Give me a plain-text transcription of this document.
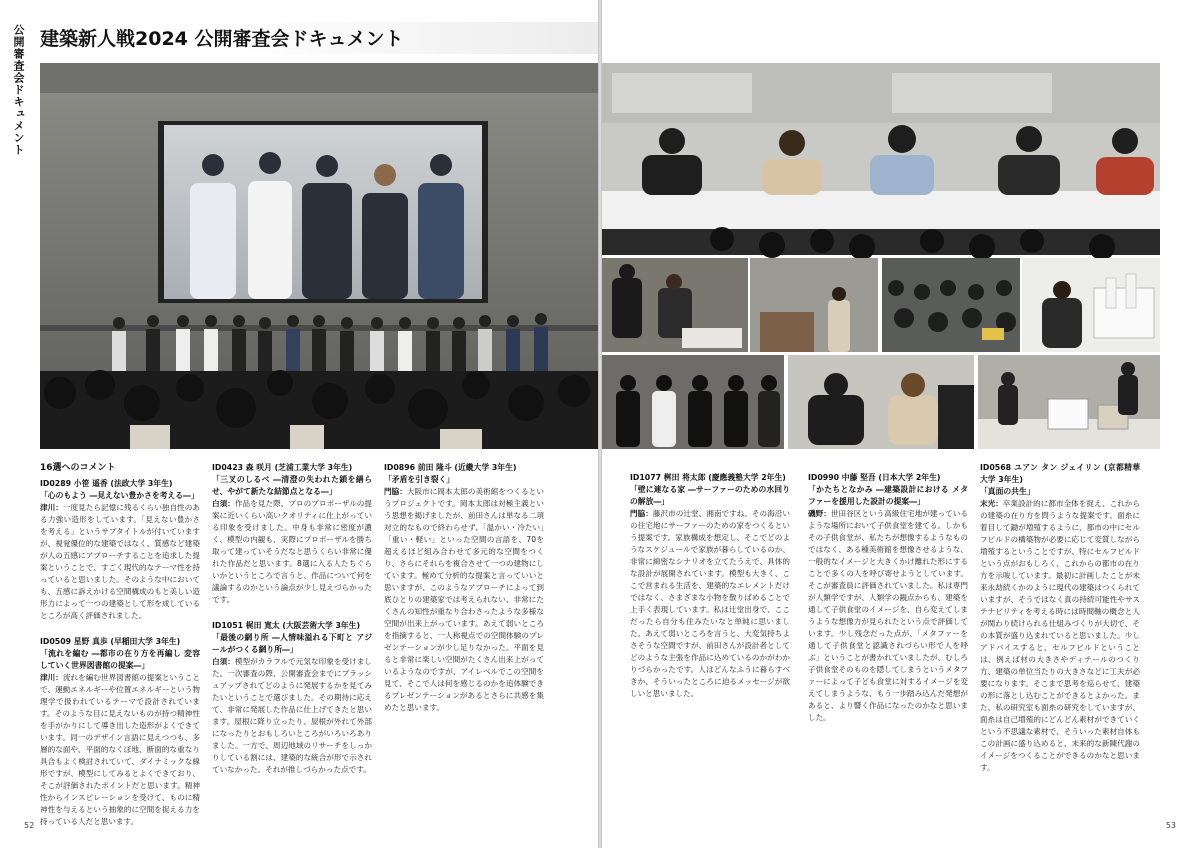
公開審査会ドキュメント 建築新人戦2024 公開審査会ドキュメント
16選へのコメント
ID0289 小笹 遥香 (法政大学 3年生)
「心のもよう ―見えない豊かさを考える―」

津川：一度見たら記憶に残るくらい独自性のある力強い造形をしています。「見えない豊かさを考える」というサブタイトルが付いていますが、視覚優位的な建築ではなく、質感など建築が人の五感にアプローチすることを追求した提案ということで、すごく現代的なテーマ性を持っていると思いました。そのような中においても、五感に訴えかける空間構成のもと美しい造形力によって一つの建築として形を成しているところが高く評価されました。

ID0509 星野 真歩 (早稲田大学 3年生)
「流れを編む ―都市の在り方を再編し 変容していく世界図書館の提案―」

津川：流れを編む世界図書館の提案ということで、運動エネルギーや位置エネルギーという物理学で扱われているテーマで設計されています。そのような目に見えないものが持つ精神性を手がかりにして導き出した造形がよくできています。同一のデザイン言語に見えつつも、多層的な面や、平面的なくぼ地、断面的な重なり具合もよく検討されていて、ダイナミックな線形ですが、模型にしてみるとよくできており、そこが評価されたポイントだと思います。精神性からインスピレーションを受けて、ものに精神性を与えるという抽象的に空間を捉える力を持っている人だと思います。

ID0423 森 咲月 (芝浦工業大学 3年生)
「三叉のしるべ ―清澄の失われた鎖を繕らせ、やがて新たな結節点となる―」

白須：作品を見た際、プロのプロポーザルの提案に近いくらい高いクオリティに仕上がっている印象を受けました。中身も非常に密度が濃く、模型の内観も、実際にプロポーザルを勝ち取って建っていそうだなと思うくらい非常に優れた作品だと思います。8選に入る人たちぐらいかというところで言うと、作品について何を議論するのかという論点が少し見えづらかったです。

ID1051 梶田 寛太 (大阪芸術大学 3年生)
「最後の網り所 ―人情味溢れる下町と アジールがつくる網り所―」

白須：模型がカラフルで元気な印象を受けました。一次審査の際、公開審査会までにブラッシュアップされてどのように発展するかを見てみたいということで選びました。その期待に応えて、非常に発展した作品に仕上げてきたと思います。屋根に降り立ったり、屋根が外れて外部になったりとおもしろいところがいろいろありました。一方で、周辺地域のリサーチをしっかりしている割には、建築的な統合が形で示されていなかった。それが推しづらかった点です。

ID0896 前田 隆斗 (近畿大学 3年生)
「矛盾を引き裂く」

門脇：大阪市に岡本太郎の美術館をつくるというプロジェクトです。岡本太郎は対極主義という思想を掲げましたが、前田さんは単なる二項対立的なもので終わらせず、「温かい・冷たい」「重い・軽い」といった空間の言語を、70を超えるほど組み合わせて多元的な空間をつくり、さらにそれらを複合させて一つの建物にしています。極めて分析的な提案と言っていいと思いますが、このようなアプローチによって到底ひとりの建築家では考えられない、非常にたくさんの知性が重なり合わさったような多様な空間が出来上がっています。あえて弱いところを指摘すると、一人称視点での空間体験のプレゼンテーションが少し足りなかった。平面を見ると非常に楽しい空間がたくさん出来上がっているようなのですが、アイレベルでこの空間を見て、そこで人は何を感じるのかを追体験できるプレゼンテーションがあるとさらに共感を集めたと思います。

52
ID1077 桝田 将太郎 (慶應義塾大学 2年生)
「壁に連なる家 ―サーファーのための水回りの解放―」

門脇：藤沢市の辻堂、湘南ですね。その海沿いの住宅地にサーファーのための家をつくるという提案です。家族構成を想定し、そこでどのようなスケジュールで家族が暮らしているのか、非常に綿密なシナリオを立てたうえで、具体的な設計が展開されています。模型も大きく、ここで営まれる生活を、建築的なエレメントだけではなく、さまざまな小物を散りばめることで上手く表現しています。私は辻堂出身で、ここだったら自分も住みたいなと単純に思いました。あえて弱いところを言うと、大変気持ちよさそうな空間ですが、前田さんが設計者としてどのような主張を作品に込めているのかがわかりづらかったです。人はどんなふうに暮らすべきか、そういったところに迫るメッセージが欲しいと思いました。

ID0990 中藤 堅吾 (日本大学 2年生)
「かたちとなかみ ―建築設計における メタファーを援用した設計の提案―」

磯野：世田谷区という高級住宅地が建っているような場所において子供食堂を建てる。しかもその子供食堂が、私たちが想像するようなものではなく、ある種美術館を想像させるような、一般的なイメージと大きくかけ離れた形にすることで多くの人を呼び寄せようとしています。そこが審査員に評価されていました。私は専門が人類学ですが、人類学の観点からも、建築を通して子供食堂のイメージを、自ら変えてしまうような想像力が見られたという点で評価しています。少し残念だった点が、「メタファーを通して子供食堂と認識されづらい形で人を呼ぶ」ということが書かれていましたが、むしろ子供食堂そのものを隠してしまうというメタファーによって子ども食堂に対するイメージを変えてしまうような、もう一歩踏み込んだ発想があると、より響く作品になったのかなと思いました。

ID0568 ユアン タン ジェイリン (京都精華大学 3年生)
「真面の共生」

末光：卒業設計的に都市全体を捉え、これからの建築の在り方を問うような提案です。面糸に着目して鋤が増殖するように、都市の中にセルフビルドの構築物が必要に応じて変質しながら増殖するということですが、特にセルフビルドという点がおもしろく、これからの都市の在り方を示唆しています。最初に計画したことが未来永劫続くかのように現代の建築はつくられていますが、そうではなく真の持続可能性やサステナビリティを考える時には時間軸の概念と人が関わり続けられる仕組みづくりが大切で、その本質が盛り込まれていると思いました。少しアドバイスすると、セルフビルドということは、例えば材の大きさやディテールのつくり方、建築の単位当たりの大きさなどに工夫が必要になります。そこまで思考を巡らせて、建築の形に落とし込むことができるとよかった。また、私の研究室も面糸の研究をしていますが、面糸は自己増殖的にどんどん素材ができていくという不思議な素材で、そういった素材自体もこの計画に盛り込めると、未来的な新陳代謝のイメージをつくることができるのかなと思います。

53
